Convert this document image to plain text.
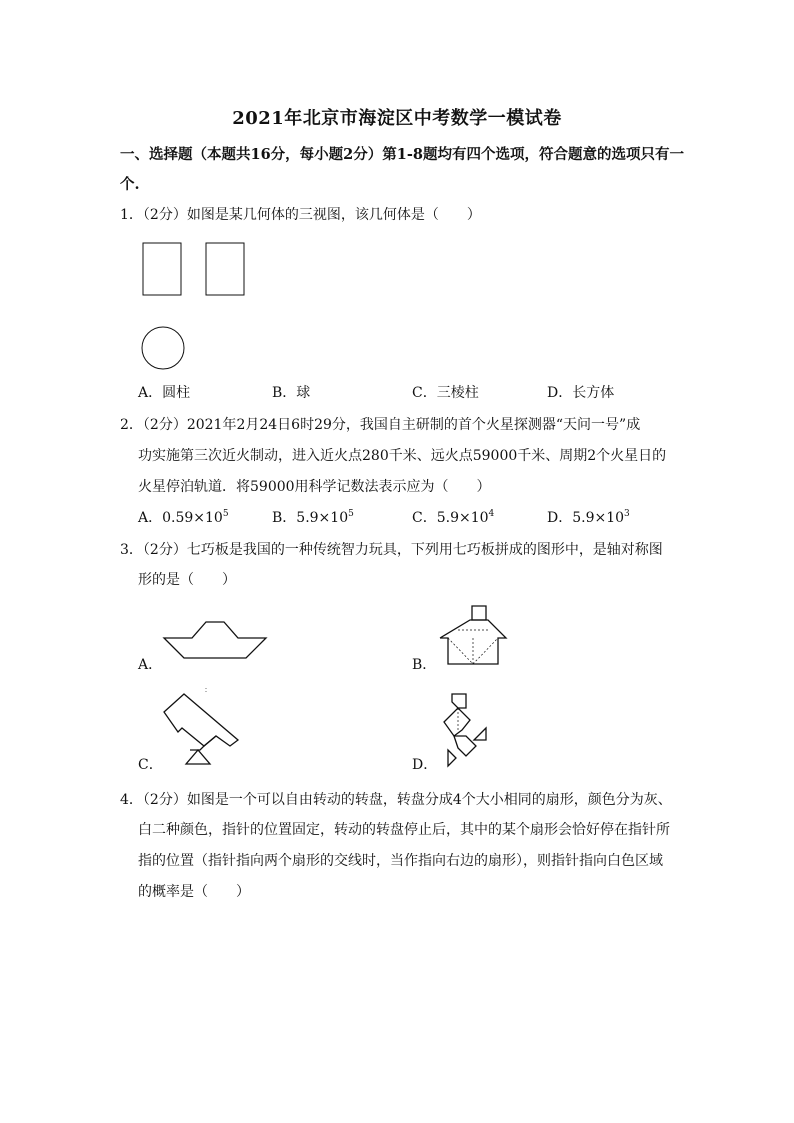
2021年北京市海淀区中考数学一模试卷
一、选择题（本题共16分，每小题2分）第1-8题均有四个选项，符合题意的选项只有一
个.
1．（2分）如图是某几何体的三视图，该几何体是（　　）
A．圆柱	B．球	C．三棱柱	D．长方体
2．（2分）2021年2月24日6时29分，我国自主研制的首个火星探测器“天问一号”成
功实施第三次近火制动，进入近火点280千米、远火点59000千米、周期2个火星日的
火星停泊轨道．将59000用科学记数法表示应为（　　）
A．$0.59\times 10^5$	B．$5.9\times 10^5$	C．$5.9\times 10^4$	D．$5.9\times 10^3$
3．（2分）七巧板是我国的一种传统智力玩具，下列用七巧板拼成的图形中，是轴对称图
形的是（　　）
A．	B．
C．	D．
4．（2分）如图是一个可以自由转动的转盘，转盘分成4个大小相同的扇形，颜色分为灰、
白二种颜色，指针的位置固定，转动的转盘停止后，其中的某个扇形会恰好停在指针所
指的位置（指针指向两个扇形的交线时，当作指向右边的扇形），则指针指向白色区域
的概率是（　　）
